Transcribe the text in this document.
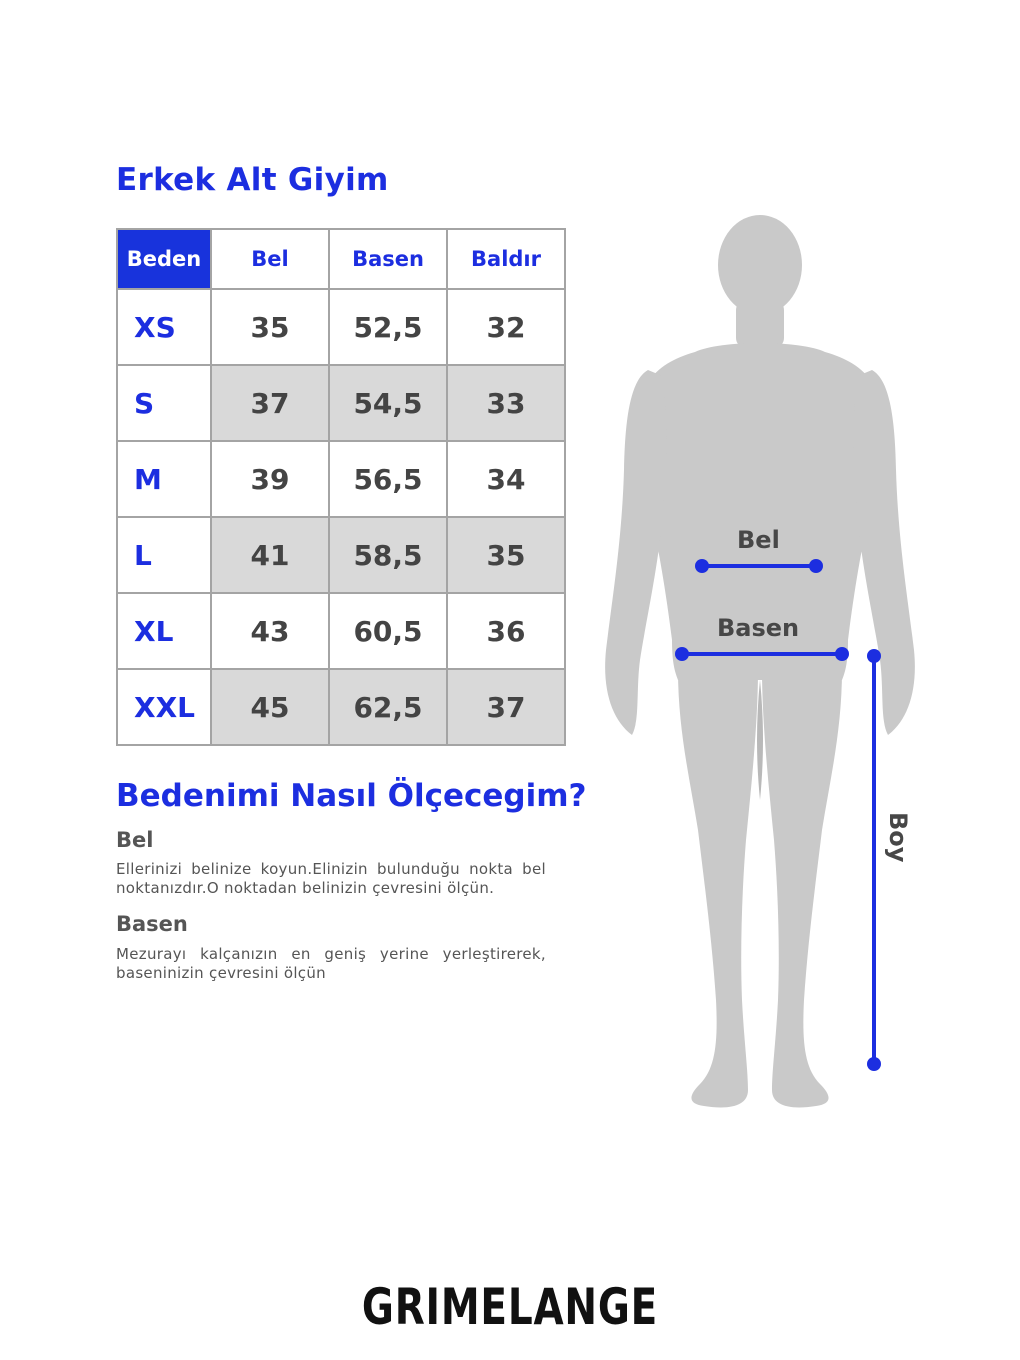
Erkek Alt Giyim
Beden	Bel	Basen	Baldır
XS	35	52,5	32
S	37	54,5	33
M	39	56,5	34
L	41	58,5	35
XL	43	60,5	36
XXL	45	62,5	37
Bedenimi Nasıl Ölçecegim?
Bel

Ellerinizi belinize koyun.Elinizin bulunduğu nokta bel noktanızdır.O noktadan belinizin çevresini ölçün.

Basen

Mezurayı kalçanızın en geniş yerine yerleştirerek, baseninizin çevresini ölçün

Bel
Basen
Boy
GRIMELANGE
